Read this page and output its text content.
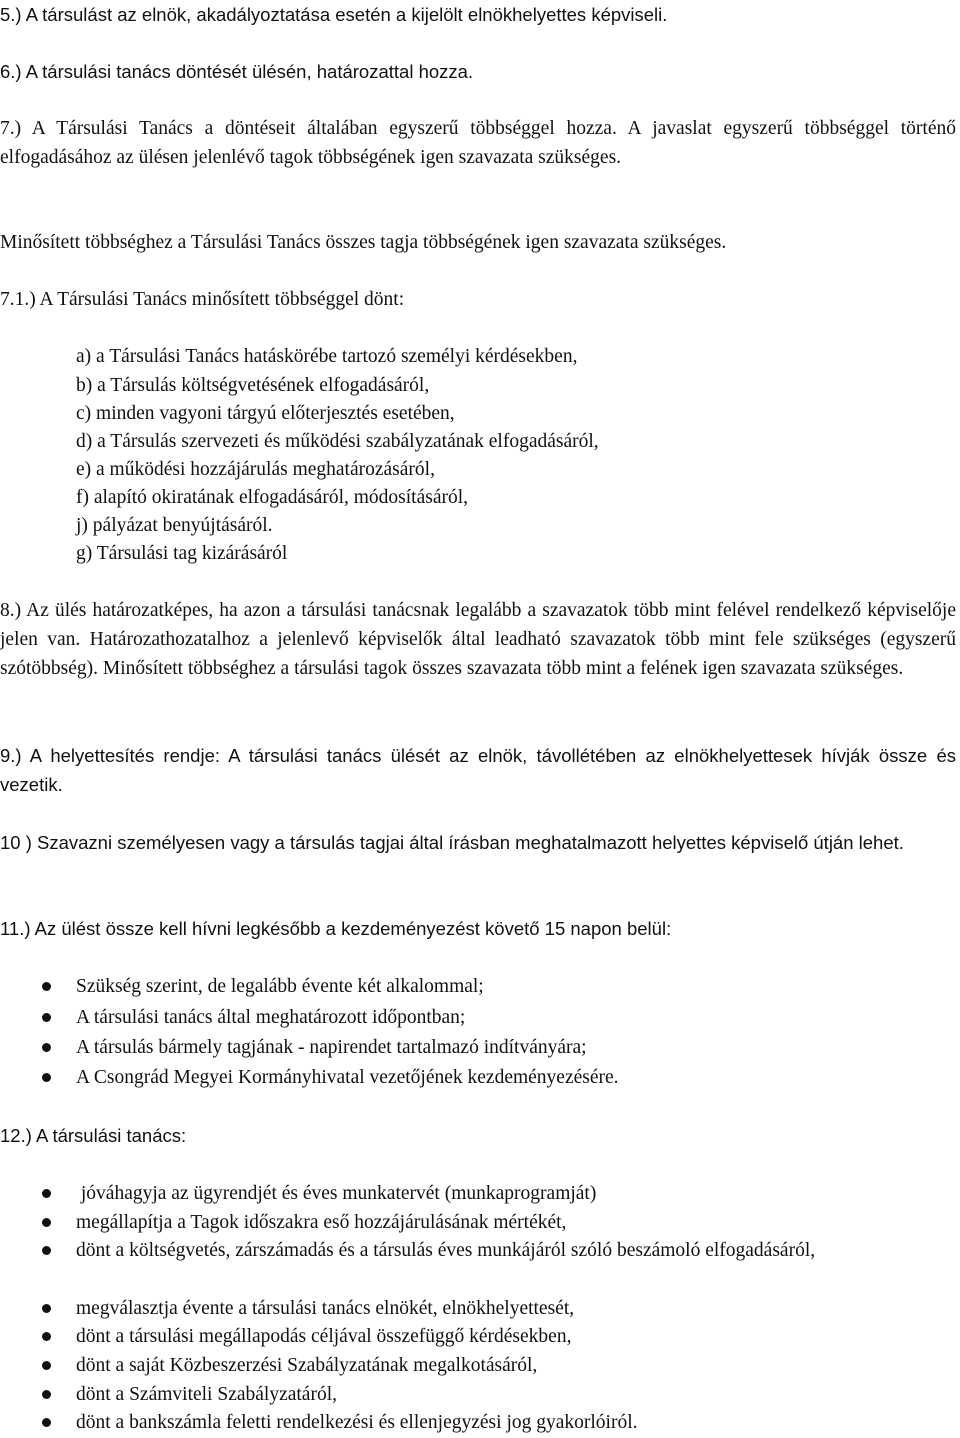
5.) A társulást az elnök, akadályoztatása esetén a kijelölt elnökhelyettes képviseli.

6.) A társulási tanács döntését ülésén, határozattal hozza.

7.) A Társulási Tanács a döntéseit általában egyszerű többséggel hozza. A javaslat egyszerű többséggel történő elfogadásához az ülésen jelenlévő tagok többségének igen szavazata szükséges.

Minősített többséghez a Társulási Tanács összes tagja többségének igen szavazata szükséges.

7.1.) A Társulási Tanács minősített többséggel dönt:

a) a Társulási Tanács hatáskörébe tartozó személyi kérdésekben,

b) a Társulás költségvetésének elfogadásáról,

c) minden vagyoni tárgyú előterjesztés esetében,

d) a Társulás szervezeti és működési szabályzatának elfogadásáról,

e) a működési hozzájárulás meghatározásáról,

f) alapító okiratának elfogadásáról, módosításáról,

j) pályázat benyújtásáról.

g) Társulási tag kizárásáról

8.) Az ülés határozatképes, ha azon a társulási tanácsnak legalább a szavazatok több mint felével rendelkező képviselője jelen van. Határozathozatalhoz a jelenlevő képviselők által leadható szavazatok több mint fele szükséges (egyszerű szótöbbség). Minősített többséghez a társulási tagok összes szavazata több mint a felének igen szavazata szükséges.

9.) A helyettesítés rendje: A társulási tanács ülését az elnök, távollétében az elnökhelyettesek hívják össze és vezetik.

10 ) Szavazni személyesen vagy a társulás tagjai által írásban meghatalmazott helyettes képviselő útján lehet.

11.) Az ülést össze kell hívni legkésőbb a kezdeményezést követő 15 napon belül:

Szükség szerint, de legalább évente két alkalommal;
A társulási tanács által meghatározott időpontban;
A társulás bármely tagjának - napirendet tartalmazó indítványára;
A Csongrád Megyei Kormányhivatal vezetőjének kezdeményezésére.

12.) A társulási tanács:

jóváhagyja az ügyrendjét és éves munkatervét (munkaprogramját)
megállapítja a Tagok időszakra eső hozzájárulásának mértékét,

dönt a költségvetés, zárszámadás és a társulás éves munkájáról szóló beszámoló elfogadásáról,

megválasztja évente a társulási tanács elnökét, elnökhelyettesét,
dönt a társulási megállapodás céljával összefüggő kérdésekben,
dönt a saját Közbeszerzési Szabályzatának megalkotásáról,
dönt a Számviteli Szabályzatáról,
dönt a bankszámla feletti rendelkezési és ellenjegyzési jog gyakorlóiról.
